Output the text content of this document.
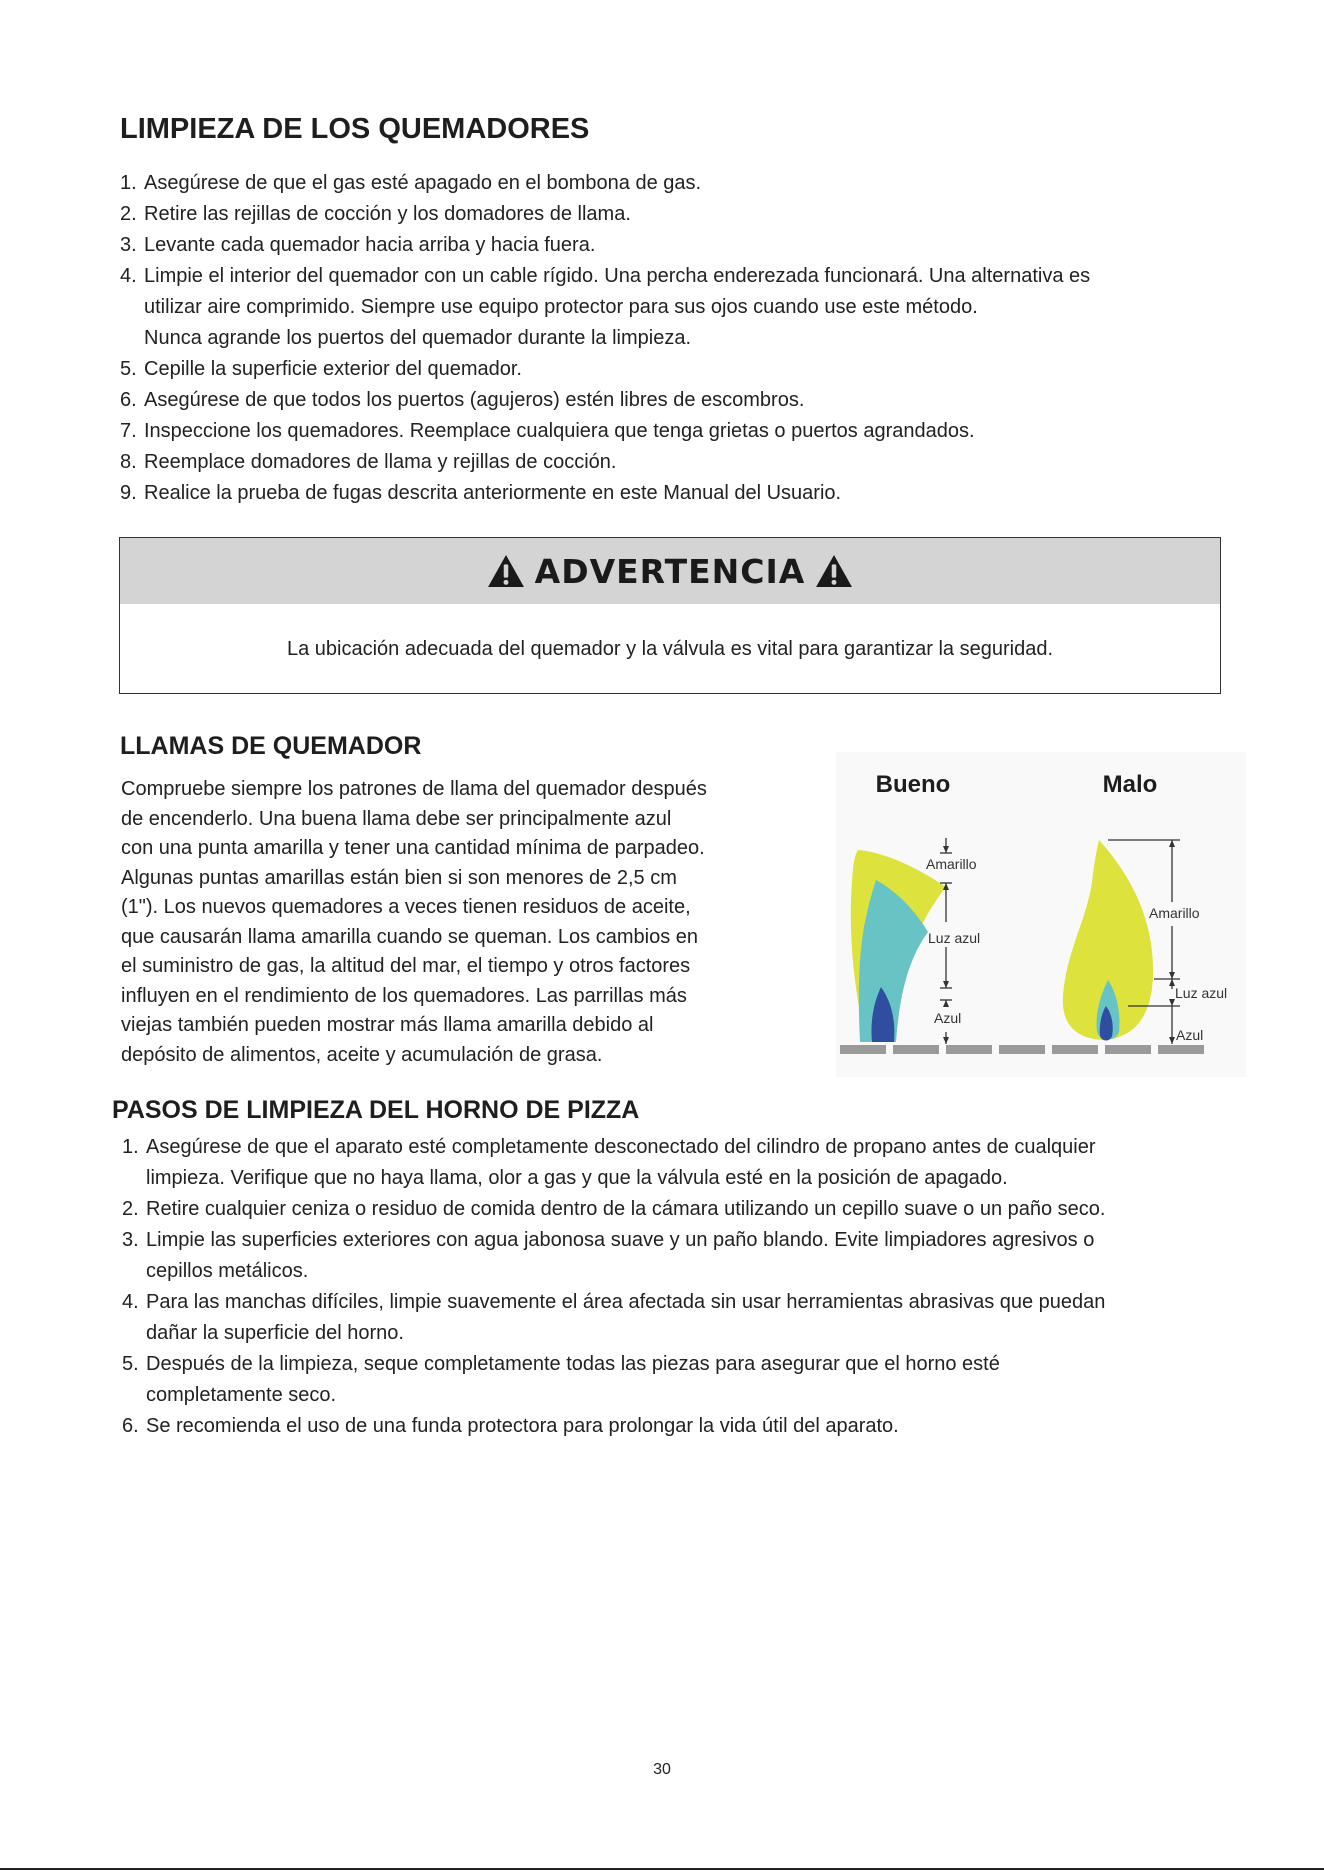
LIMPIEZA DE LOS QUEMADORES
1. Asegúrese de que el gas esté apagado en el bombona de gas.
2. Retire las rejillas de cocción y los domadores de llama.
3. Levante cada quemador hacia arriba y hacia fuera.
4. Limpie el interior del quemador con un cable rígido. Una percha enderezada funcionará. Una alternativa es
utilizar aire comprimido. Siempre use equipo protector para sus ojos cuando use este método.
Nunca agrande los puertos del quemador durante la limpieza.
5. Cepille la superficie exterior del quemador.
6. Asegúrese de que todos los puertos (agujeros) estén libres de escombros.
7. Inspeccione los quemadores. Reemplace cualquiera que tenga grietas o puertos agrandados.
8. Reemplace domadores de llama y rejillas de cocción.
9. Realice la prueba de fugas descrita anteriormente en este Manual del Usuario.
ADVERTENCIA
La ubicación adecuada del quemador y la válvula es vital para garantizar la seguridad.
LLAMAS DE QUEMADOR
Compruebe siempre los patrones de llama del quemador después
de encenderlo. Una buena llama debe ser principalmente azul
con una punta amarilla y tener una cantidad mínima de parpadeo.
Algunas puntas amarillas están bien si son menores de 2,5 cm
(1"). Los nuevos quemadores a veces tienen residuos de aceite,
que causarán llama amarilla cuando se queman. Los cambios en
el suministro de gas, la altitud del mar, el tiempo y otros factores
influyen en el rendimiento de los quemadores. Las parrillas más
viejas también pueden mostrar más llama amarilla debido al
depósito de alimentos, aceite y acumulación de grasa.
Bueno	Malo
Amarillo
Luz azul
Azul
Amarillo
Luz azul
Azul
PASOS DE LIMPIEZA DEL HORNO DE PIZZA
1. Asegúrese de que el aparato esté completamente desconectado del cilindro de propano antes de cualquier
limpieza. Verifique que no haya llama, olor a gas y que la válvula esté en la posición de apagado.
2. Retire cualquier ceniza o residuo de comida dentro de la cámara utilizando un cepillo suave o un paño seco.
3. Limpie las superficies exteriores con agua jabonosa suave y un paño blando. Evite limpiadores agresivos o
cepillos metálicos.
4. Para las manchas difíciles, limpie suavemente el área afectada sin usar herramientas abrasivas que puedan
dañar la superficie del horno.
5. Después de la limpieza, seque completamente todas las piezas para asegurar que el horno esté
completamente seco.
6. Se recomienda el uso de una funda protectora para prolongar la vida útil del aparato.
30
